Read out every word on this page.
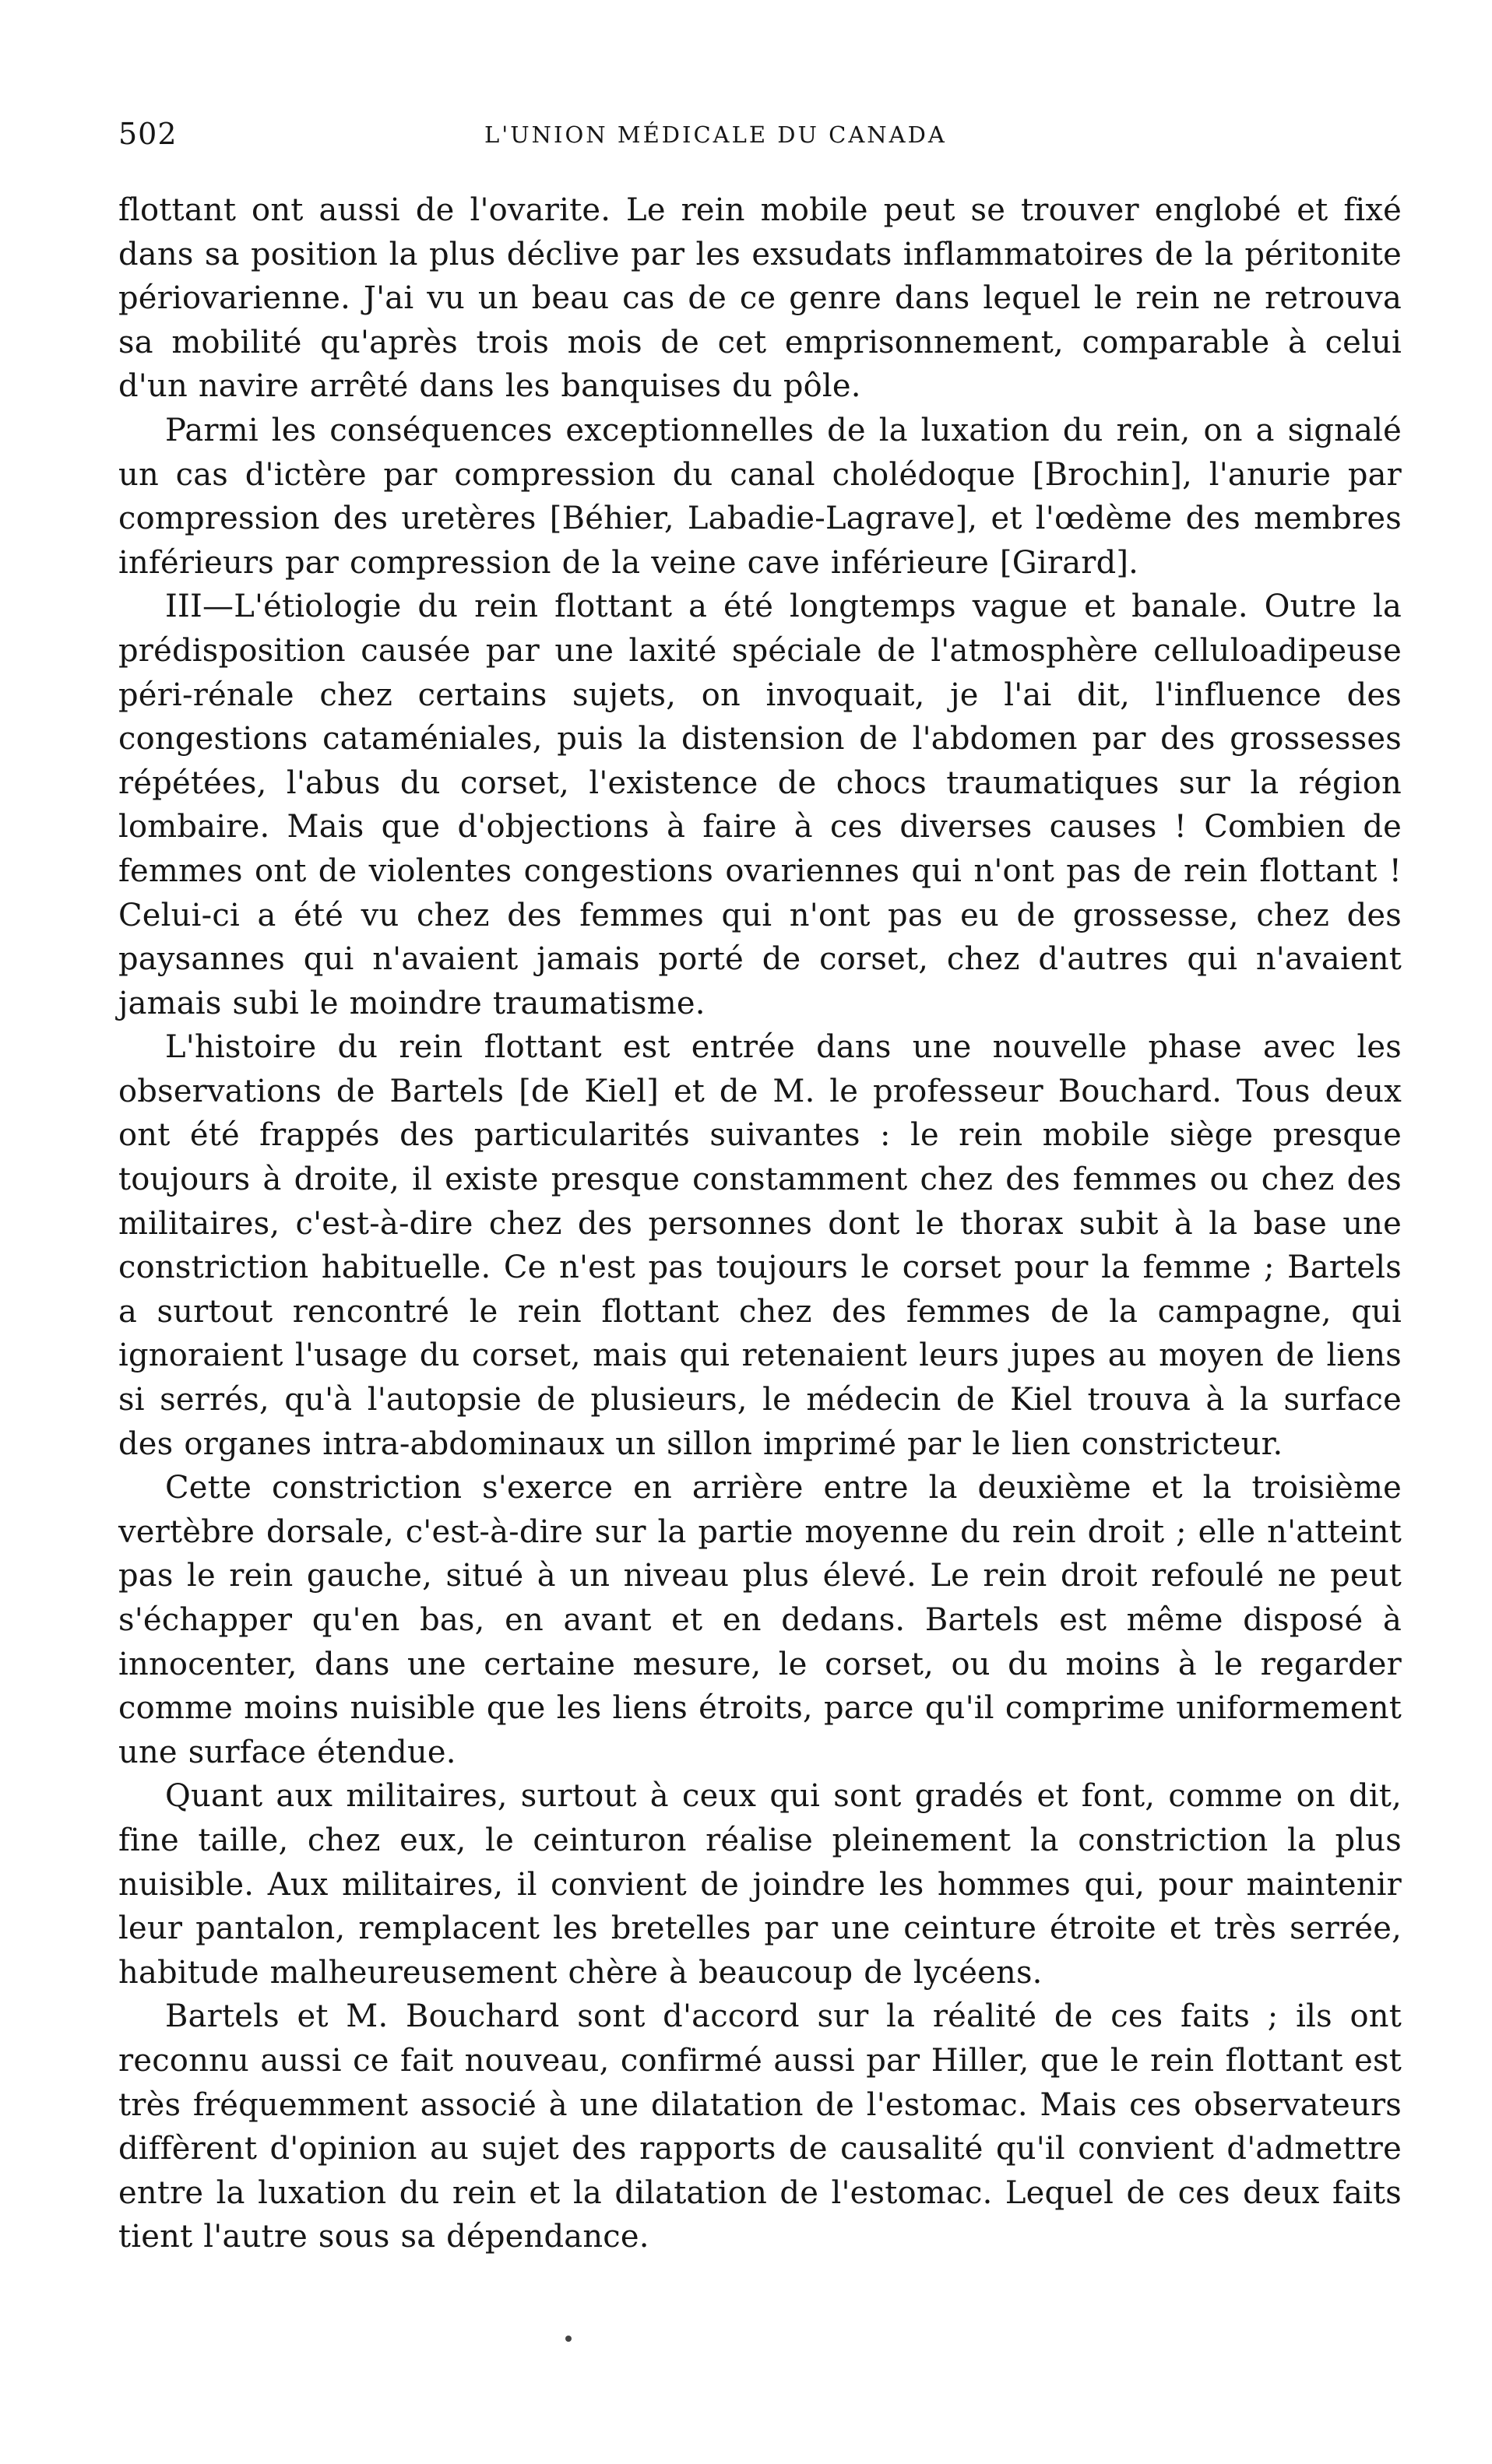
502	L'UNION MÉDICALE DU CANADA

flottant ont aussi de l'ovarite. Le rein mobile peut se trouver englobé et fixé dans sa position la plus déclive par les exsudats inflammatoires de la péritonite périovarienne. J'ai vu un beau cas de ce genre dans lequel le rein ne retrouva sa mobilité qu'après trois mois de cet emprisonnement, comparable à celui d'un navire arrêté dans les banquises du pôle.

Parmi les conséquences exceptionnelles de la luxation du rein, on a signalé un cas d'ictère par compression du canal cholédoque [Brochin], l'anurie par compression des uretères [Béhier, Labadie-Lagrave], et l'œdème des membres inférieurs par compression de la veine cave inférieure [Girard].

III—L'étiologie du rein flottant a été longtemps vague et banale. Outre la prédisposition causée par une laxité spéciale de l'atmosphère celluloadipeuse péri-rénale chez certains sujets, on invoquait, je l'ai dit, l'influence des congestions cataméniales, puis la distension de l'abdomen par des grossesses répétées, l'abus du corset, l'existence de chocs traumatiques sur la région lombaire. Mais que d'objections à faire à ces diverses causes ! Combien de femmes ont de violentes congestions ovariennes qui n'ont pas de rein flottant ! Celui-ci a été vu chez des femmes qui n'ont pas eu de grossesse, chez des paysannes qui n'avaient jamais porté de corset, chez d'autres qui n'avaient jamais subi le moindre traumatisme.

L'histoire du rein flottant est entrée dans une nouvelle phase avec les observations de Bartels [de Kiel] et de M. le professeur Bouchard. Tous deux ont été frappés des particularités suivantes : le rein mobile siège presque toujours à droite, il existe presque constamment chez des femmes ou chez des militaires, c'est-à-dire chez des personnes dont le thorax subit à la base une constriction habituelle. Ce n'est pas toujours le corset pour la femme ; Bartels a surtout rencontré le rein flottant chez des femmes de la campagne, qui ignoraient l'usage du corset, mais qui retenaient leurs jupes au moyen de liens si serrés, qu'à l'autopsie de plusieurs, le médecin de Kiel trouva à la surface des organes intra-abdominaux un sillon imprimé par le lien constricteur.

Cette constriction s'exerce en arrière entre la deuxième et la troisième vertèbre dorsale, c'est-à-dire sur la partie moyenne du rein droit ; elle n'atteint pas le rein gauche, situé à un niveau plus élevé. Le rein droit refoulé ne peut s'échapper qu'en bas, en avant et en dedans. Bartels est même disposé à innocenter, dans une certaine mesure, le corset, ou du moins à le regarder comme moins nuisible que les liens étroits, parce qu'il comprime uniformement une surface étendue.

Quant aux militaires, surtout à ceux qui sont gradés et font, comme on dit, fine taille, chez eux, le ceinturon réalise pleinement la constriction la plus nuisible. Aux militaires, il convient de joindre les hommes qui, pour maintenir leur pantalon, remplacent les bretelles par une ceinture étroite et très serrée, habitude malheureusement chère à beaucoup de lycéens.

Bartels et M. Bouchard sont d'accord sur la réalité de ces faits ; ils ont reconnu aussi ce fait nouveau, confirmé aussi par Hiller, que le rein flottant est très fréquemment associé à une dilatation de l'estomac. Mais ces observateurs diffèrent d'opinion au sujet des rapports de causalité qu'il convient d'admettre entre la luxation du rein et la dilatation de l'estomac. Lequel de ces deux faits tient l'autre sous sa dépendance.
